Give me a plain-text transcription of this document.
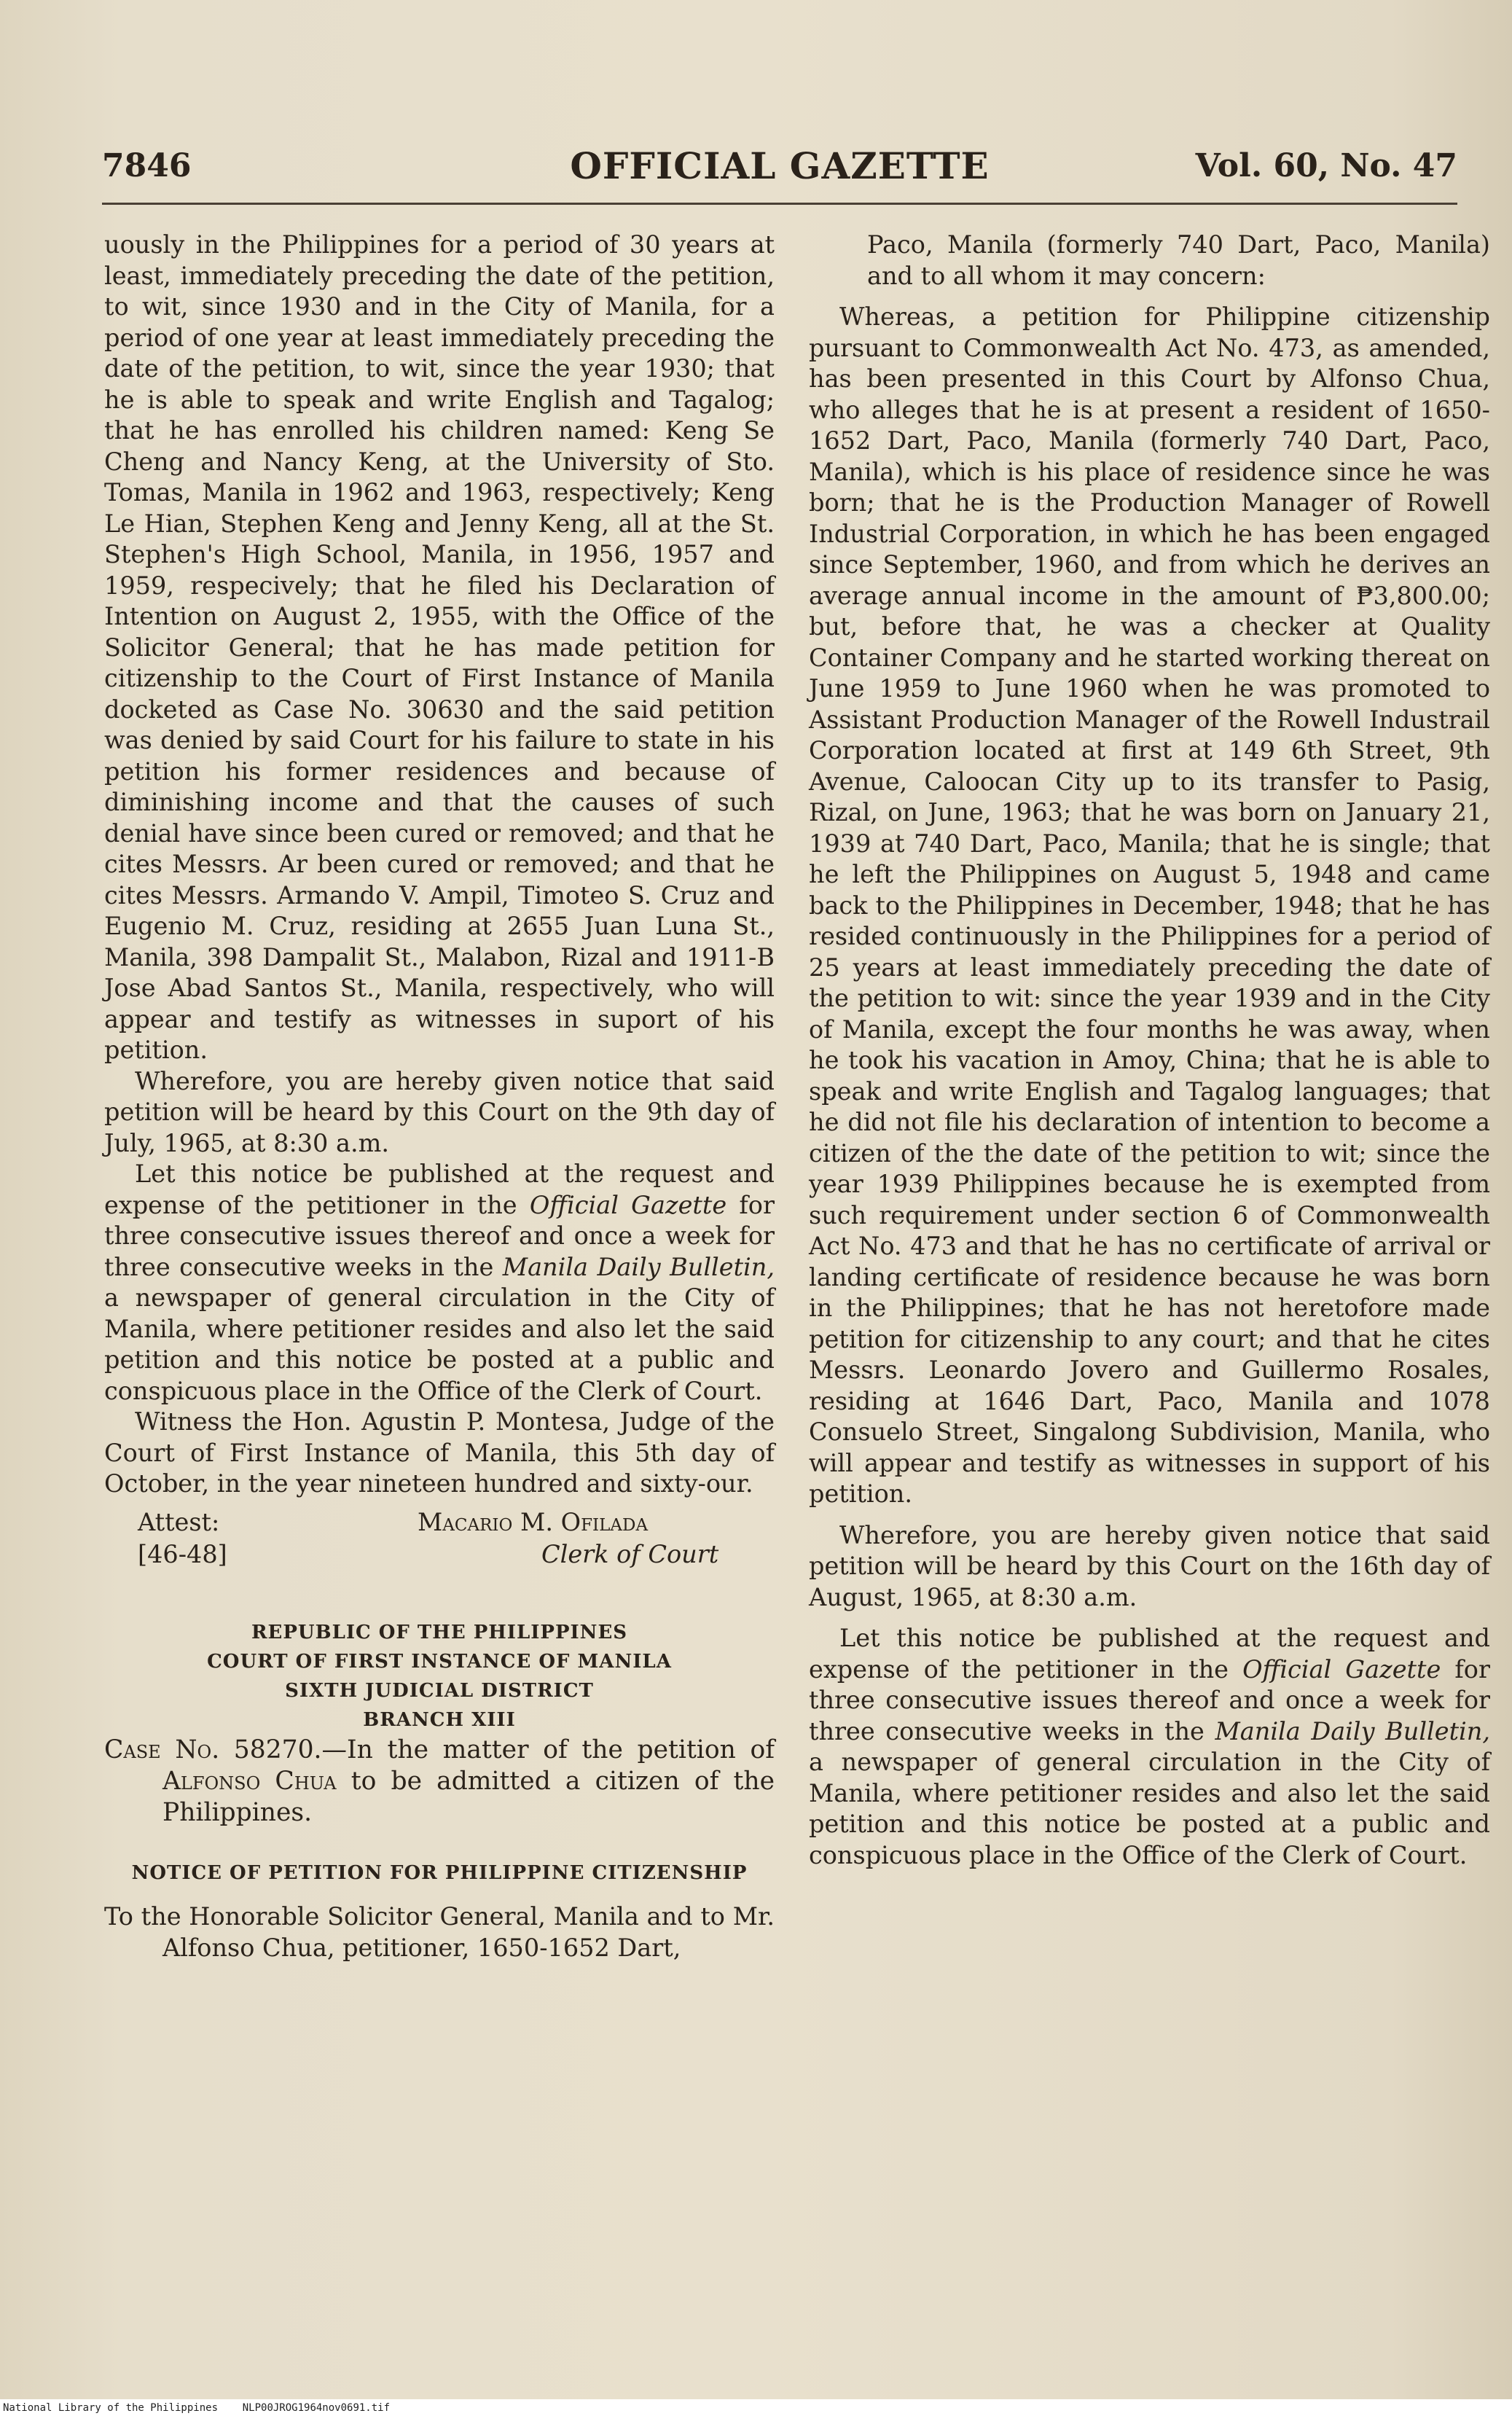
7846	OFFICIAL GAZETTE	Vol. 60, No. 47

uously in the Philippines for a period of 30 years at least, immediately preceding the date of the petition, to wit, since 1930 and in the City of Manila, for a period of one year at least immediately preceding the date of the petition, to wit, since the year 1930; that he is able to speak and write English and Tagalog; that he has enrolled his children named: Keng Se Cheng and Nancy Keng, at the University of Sto. Tomas, Manila in 1962 and 1963, respectively; Keng Le Hian, Stephen Keng and Jenny Keng, all at the St. Stephen's High School, Manila, in 1956, 1957 and 1959, respecively; that he filed his Declaration of Intention on August 2, 1955, with the Office of the Solicitor General; that he has made petition for citizenship to the Court of First Instance of Manila docketed as Case No. 30630 and the said petition was denied by said Court for his failure to state in his petition his former residences and because of diminishing income and that the causes of such denial have since been cured or removed; and that he cites Messrs. Ar been cured or removed; and that he cites Messrs. Armando V. Ampil, Timoteo S. Cruz and Eugenio M. Cruz, residing at 2655 Juan Luna St., Manila, 398 Dampalit St., Malabon, Rizal and 1911-B Jose Abad Santos St., Manila, respectively, who will appear and testify as witnesses in suport of his petition.

Wherefore, you are hereby given notice that said petition will be heard by this Court on the 9th day of July, 1965, at 8:30 a.m.

Let this notice be published at the request and expense of the petitioner in the Official Gazette for three consecutive issues thereof and once a week for three consecutive weeks in the Manila Daily Bulletin, a newspaper of general circulation in the City of Manila, where petitioner resides and also let the said petition and this notice be posted at a public and conspicuous place in the Office of the Clerk of Court.

Witness the Hon. Agustin P. Montesa, Judge of the Court of First Instance of Manila, this 5th day of October, in the year nineteen hundred and sixty-our.

Attest:
[46-48]
Macario M. Ofilada
Clerk of Court
REPUBLIC OF THE PHILIPPINES
COURT OF FIRST INSTANCE OF MANILA
SIXTH JUDICIAL DISTRICT
BRANCH XIII

Case No. 58270.—In the matter of the petition of Alfonso Chua to be admitted a citizen of the Philippines.

NOTICE OF PETITION FOR PHILIPPINE CITIZENSHIP

To the Honorable Solicitor General, Manila and to Mr. Alfonso Chua, petitioner, 1650-1652 Dart,

Paco, Manila (formerly 740 Dart, Paco, Manila) and to all whom it may concern:

Whereas, a petition for Philippine citizenship pursuant to Commonwealth Act No. 473, as amended, has been presented in this Court by Alfonso Chua, who alleges that he is at present a resident of 1650-1652 Dart, Paco, Manila (formerly 740 Dart, Paco, Manila), which is his place of residence since he was born; that he is the Production Manager of Rowell Industrial Corporation, in which he has been engaged since September, 1960, and from which he derives an average annual income in the amount of ₱3,800.00; but, before that, he was a checker at Quality Container Company and he started working thereat on June 1959 to June 1960 when he was promoted to Assistant Production Manager of the Rowell Industrail Corporation located at first at 149 6th Street, 9th Avenue, Caloocan City up to its transfer to Pasig, Rizal, on June, 1963; that he was born on January 21, 1939 at 740 Dart, Paco, Manila; that he is single; that he left the Philippines on August 5, 1948 and came back to the Philippines in December, 1948; that he has resided continuously in the Philippines for a period of 25 years at least immediately preceding the date of the petition to wit: since the year 1939 and in the City of Manila, except the four months he was away, when he took his vacation in Amoy, China; that he is able to speak and write English and Tagalog languages; that he did not file his declaration of intention to become a citizen of the the date of the petition to wit; since the year 1939 Philippines because he is exempted from such requirement under section 6 of Commonwealth Act No. 473 and that he has no certificate of arrival or landing certificate of residence because he was born in the Philippines; that he has not heretofore made petition for citizenship to any court; and that he cites Messrs. Leonardo Jovero and Guillermo Rosales, residing at 1646 Dart, Paco, Manila and 1078 Consuelo Street, Singalong Subdivision, Manila, who will appear and testify as witnesses in support of his petition.

Wherefore, you are hereby given notice that said petition will be heard by this Court on the 16th day of August, 1965, at 8:30 a.m.

Let this notice be published at the request and expense of the petitioner in the Official Gazette for three consecutive issues thereof and once a week for three consecutive weeks in the Manila Daily Bulletin, a newspaper of general circulation in the City of Manila, where petitioner resides and also let the said petition and this notice be posted at a public and conspicuous place in the Office of the Clerk of Court.

National Library of the Philippines NLP00JROG1964nov0691.tif
